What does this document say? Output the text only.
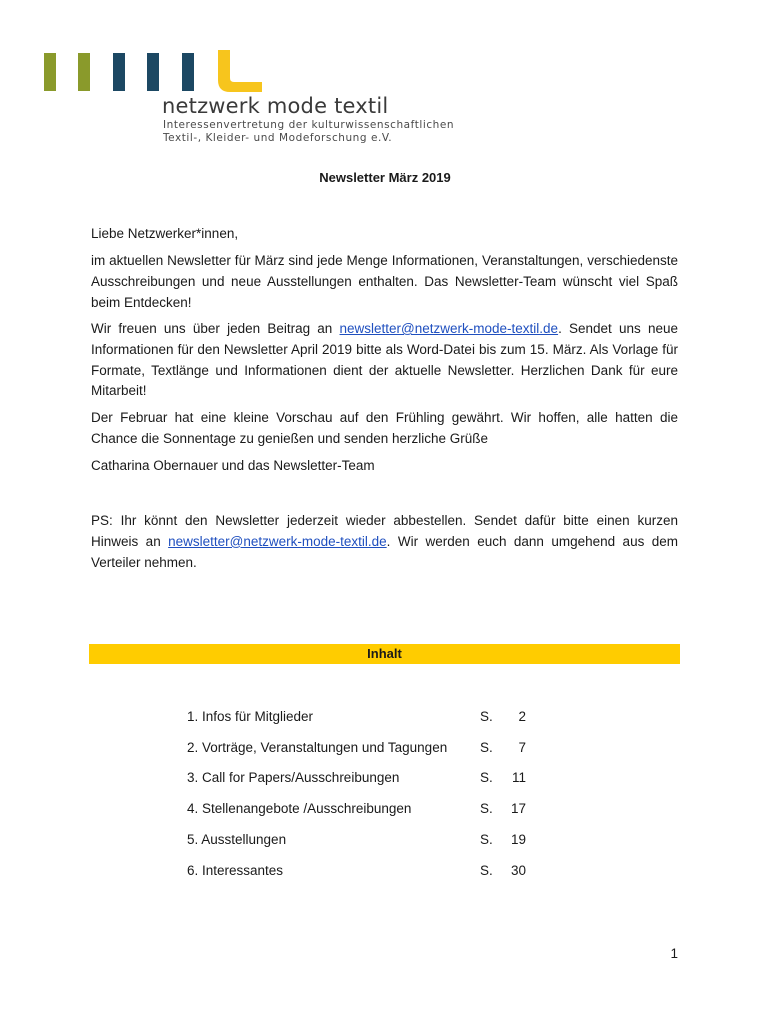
netzwerk mode textil
Interessenvertretung der kulturwissenschaftlichen
Textil-, Kleider- und Modeforschung e.V.
Newsletter März 2019

Liebe Netzwerker*innen,

im aktuellen Newsletter für März sind jede Menge Informationen, Veranstaltungen, verschiedenste Ausschreibungen und neue Ausstellungen enthalten. Das Newsletter-Team wünscht viel Spaß beim Entdecken!

Wir freuen uns über jeden Beitrag an newsletter@netzwerk-mode-textil.de. Sendet uns neue Informationen für den Newsletter April 2019 bitte als Word-Datei bis zum 15. März. Als Vorlage für Formate, Textlänge und Informationen dient der aktuelle Newsletter. Herzlichen Dank für eure Mitarbeit!

Der Februar hat eine kleine Vorschau auf den Frühling gewährt. Wir hoffen, alle hatten die Chance die Sonnentage zu genießen und senden herzliche Grüße

Catharina Obernauer und das Newsletter-Team

PS: Ihr könnt den Newsletter jederzeit wieder abbestellen. Sendet dafür bitte einen kurzen Hinweis an newsletter@netzwerk-mode-textil.de. Wir werden euch dann umgehend aus dem Verteiler nehmen.

Inhalt
1. Infos für Mitglieder	S.	2
2. Vorträge, Veranstaltungen und Tagungen S.	7
3. Call for Papers/Ausschreibungen	S.	11
4. Stellenangebote /Ausschreibungen	S.	17
5. Ausstellungen	S.	19
6. Interessantes	S.	30
1
